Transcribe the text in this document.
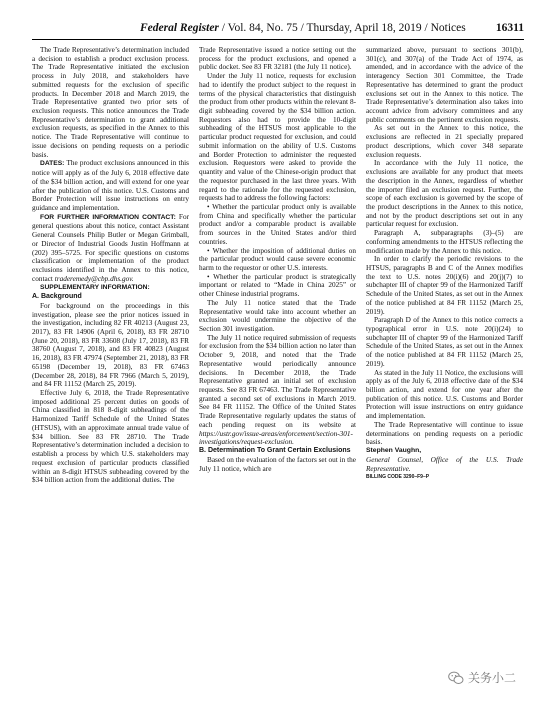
Federal Register / Vol. 84, No. 75 / Thursday, April 18, 2019 / Notices	16311

The Trade Representative’s determination included a decision to establish a product exclusion process. The Trade Representative initiated the exclusion process in July 2018, and stakeholders have submitted requests for the exclusion of specific products. In December 2018 and March 2019, the Trade Representative granted two prior sets of exclusion requests. This notice announces the Trade Representative’s determination to grant additional exclusion requests, as specified in the Annex to this notice. The Trade Representative will continue to issue decisions on pending requests on a periodic basis.

DATES: The product exclusions announced in this notice will apply as of the July 6, 2018 effective date of the $34 billion action, and will extend for one year after the publication of this notice. U.S. Customs and Border Protection will issue instructions on entry guidance and implementation.

FOR FURTHER INFORMATION CONTACT: For general questions about this notice, contact Assistant General Counsels Philip Butler or Megan Grimball, or Director of Industrial Goods Justin Hoffmann at (202) 395–5725. For specific questions on customs classification or implementation of the product exclusions identified in the Annex to this notice, contact traderemedy@cbp.dhs.gov.

SUPPLEMENTARY INFORMATION:

A. Background

For background on the proceedings in this investigation, please see the prior notices issued in the investigation, including 82 FR 40213 (August 23, 2017), 83 FR 14906 (April 6, 2018), 83 FR 28710 (June 20, 2018), 83 FR 33608 (July 17, 2018), 83 FR 38760 (August 7, 2018), and 83 FR 40823 (August 16, 2018), 83 FR 47974 (September 21, 2018), 83 FR 65198 (December 19, 2018), 83 FR 67463 (December 28, 2018), 84 FR 7966 (March 5, 2019), and 84 FR 11152 (March 25, 2019).

Effective July 6, 2018, the Trade Representative imposed additional 25 percent duties on goods of China classified in 818 8-digit subheadings of the Harmonized Tariff Schedule of the United States (HTSUS), with an approximate annual trade value of $34 billion. See 83 FR 28710. The Trade Representative’s determination included a decision to establish a process by which U.S. stakeholders may request exclusion of particular products classified within an 8-digit HTSUS subheading covered by the $34 billion action from the additional duties. The

Trade Representative issued a notice setting out the process for the product exclusions, and opened a public docket. See 83 FR 32181 (the July 11 notice).

Under the July 11 notice, requests for exclusion had to identify the product subject to the request in terms of the physical characteristics that distinguish the product from other products within the relevant 8-digit subheading covered by the $34 billion action. Requestors also had to provide the 10-digit subheading of the HTSUS most applicable to the particular product requested for exclusion, and could submit information on the ability of U.S. Customs and Border Protection to administer the requested exclusion. Requestors were asked to provide the quantity and value of the Chinese-origin product that the requestor purchased in the last three years. With regard to the rationale for the requested exclusion, requests had to address the following factors:

• Whether the particular product only is available from China and specifically whether the particular product and/or a comparable product is available from sources in the United States and/or third countries.

• Whether the imposition of additional duties on the particular product would cause severe economic harm to the requestor or other U.S. interests.

• Whether the particular product is strategically important or related to “Made in China 2025” or other Chinese industrial programs.

The July 11 notice stated that the Trade Representative would take into account whether an exclusion would undermine the objective of the Section 301 investigation.

The July 11 notice required submission of requests for exclusion from the $34 billion action no later than October 9, 2018, and noted that the Trade Representative would periodically announce decisions. In December 2018, the Trade Representative granted an initial set of exclusion requests. See 83 FR 67463. The Trade Representative granted a second set of exclusions in March 2019. See 84 FR 11152. The Office of the United States Trade Representative regularly updates the status of each pending request on its website at https://ustr.gov/issue-areas/enforcement/section-301-investigations/request-exclusion.

B. Determination To Grant Certain Exclusions

Based on the evaluation of the factors set out in the July 11 notice, which are

summarized above, pursuant to sections 301(b), 301(c), and 307(a) of the Trade Act of 1974, as amended, and in accordance with the advice of the interagency Section 301 Committee, the Trade Representative has determined to grant the product exclusions set out in the Annex to this notice. The Trade Representative’s determination also takes into account advice from advisory committees and any public comments on the pertinent exclusion requests.

As set out in the Annex to this notice, the exclusions are reflected in 21 specially prepared product descriptions, which cover 348 separate exclusion requests.

In accordance with the July 11 notice, the exclusions are available for any product that meets the description in the Annex, regardless of whether the importer filed an exclusion request. Further, the scope of each exclusion is governed by the scope of the product descriptions in the Annex to this notice, and not by the product descriptions set out in any particular request for exclusion.

Paragraph A, subparagraphs (3)–(5) are conforming amendments to the HTSUS reflecting the modification made by the Annex to this notice.

In order to clarify the periodic revisions to the HTSUS, paragraphs B and C of the Annex modifies the text to U.S. notes 20(i)(6) and 20(j)(7) to subchapter III of chapter 99 of the Harmonized Tariff Schedule of the United States, as set out in the Annex of the notice published at 84 FR 11152 (March 25, 2019).

Paragraph D of the Annex to this notice corrects a typographical error in U.S. note 20(i)(24) to subchapter III of chapter 99 of the Harmonized Tariff Schedule of the United States, as set out in the Annex of the notice published at 84 FR 11152 (March 25, 2019).

As stated in the July 11 Notice, the exclusions will apply as of the July 6, 2018 effective date of the $34 billion action, and extend for one year after the publication of this notice. U.S. Customs and Border Protection will issue instructions on entry guidance and implementation.

The Trade Representative will continue to issue determinations on pending requests on a periodic basis.

Stephen Vaughn,

General Counsel, Office of the U.S. Trade Representative.

BILLING CODE 3290–F9–P

关务小二
